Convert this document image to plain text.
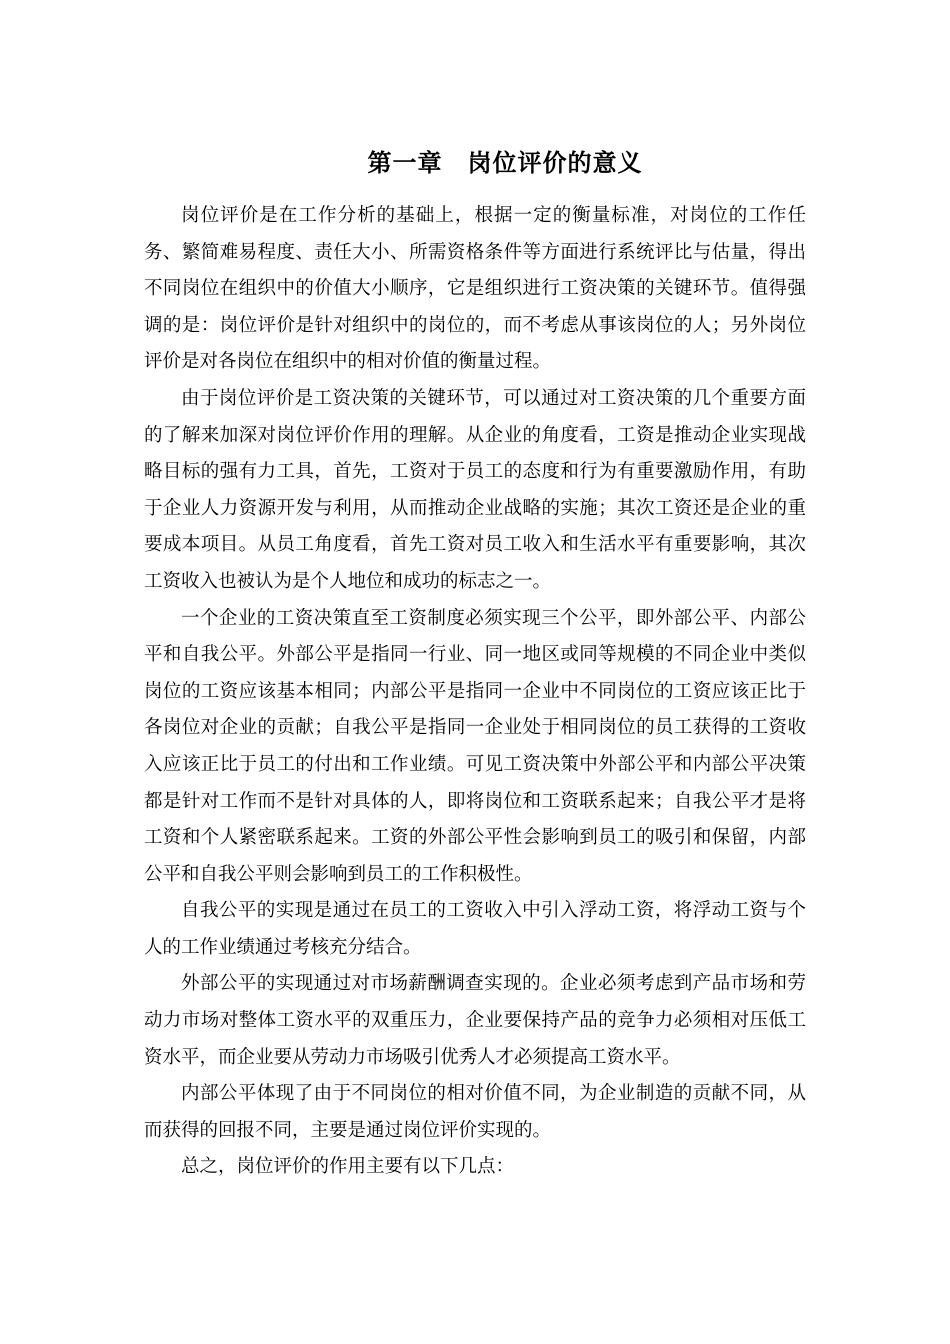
第一章　岗位评价的意义

岗位评价是在工作分析的基础上，根据一定的衡量标准，对岗位的工作任务、繁简难易程度、责任大小、所需资格条件等方面进行系统评比与估量，得出不同岗位在组织中的价值大小顺序，它是组织进行工资决策的关键环节。值得强调的是：岗位评价是针对组织中的岗位的，而不考虑从事该岗位的人；另外岗位评价是对各岗位在组织中的相对价值的衡量过程。

由于岗位评价是工资决策的关键环节，可以通过对工资决策的几个重要方面的了解来加深对岗位评价作用的理解。从企业的角度看，工资是推动企业实现战略目标的强有力工具，首先，工资对于员工的态度和行为有重要激励作用，有助于企业人力资源开发与利用，从而推动企业战略的实施；其次工资还是企业的重要成本项目。从员工角度看，首先工资对员工收入和生活水平有重要影响，其次工资收入也被认为是个人地位和成功的标志之一。

一个企业的工资决策直至工资制度必须实现三个公平，即外部公平、内部公平和自我公平。外部公平是指同一行业、同一地区或同等规模的不同企业中类似岗位的工资应该基本相同；内部公平是指同一企业中不同岗位的工资应该正比于各岗位对企业的贡献；自我公平是指同一企业处于相同岗位的员工获得的工资收入应该正比于员工的付出和工作业绩。可见工资决策中外部公平和内部公平决策都是针对工作而不是针对具体的人，即将岗位和工资联系起来；自我公平才是将工资和个人紧密联系起来。工资的外部公平性会影响到员工的吸引和保留，内部公平和自我公平则会影响到员工的工作积极性。

自我公平的实现是通过在员工的工资收入中引入浮动工资，将浮动工资与个人的工作业绩通过考核充分结合。

外部公平的实现通过对市场薪酬调查实现的。企业必须考虑到产品市场和劳动力市场对整体工资水平的双重压力，企业要保持产品的竞争力必须相对压低工资水平，而企业要从劳动力市场吸引优秀人才必须提高工资水平。

内部公平体现了由于不同岗位的相对价值不同，为企业制造的贡献不同，从而获得的回报不同，主要是通过岗位评价实现的。

总之，岗位评价的作用主要有以下几点：
